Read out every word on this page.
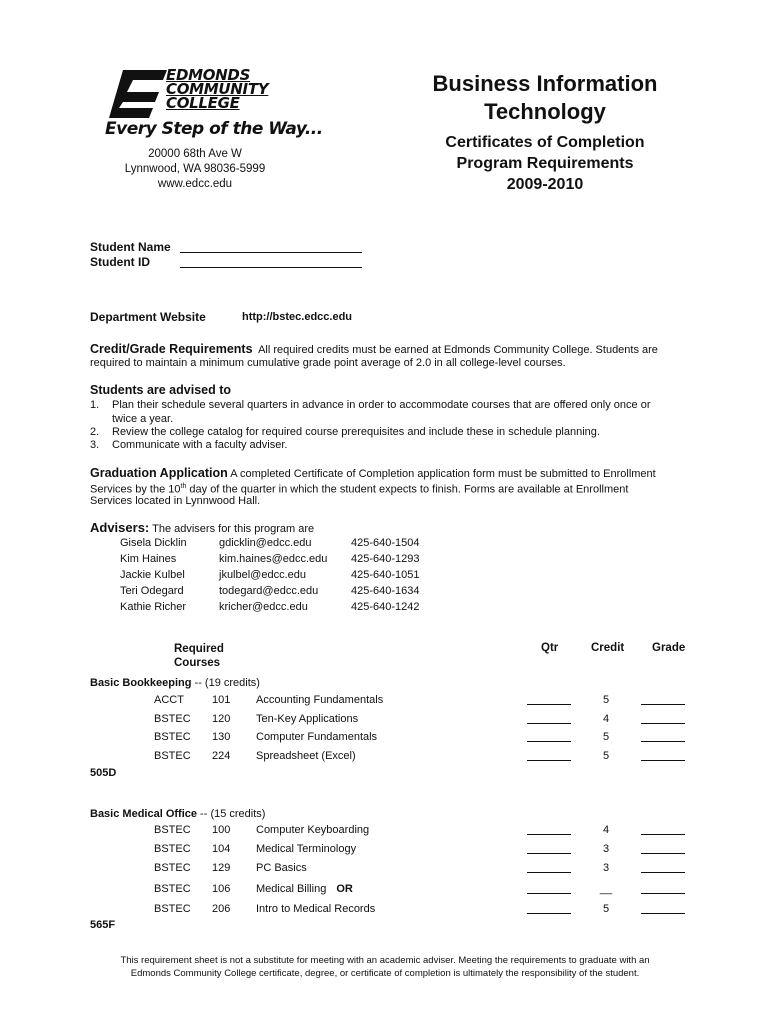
EDMONDS
COMMUNITY
COLLEGE
Every Step of the Way...
20000 68th Ave W
Lynnwood, WA 98036-5999
www.edcc.edu
Business Information
Technology
Certificates of Completion
Program Requirements
2009-2010
Student Name
Student ID
Department Website	http://bstec.edcc.edu
Credit/Grade Requirements All required credits must be earned at Edmonds Community College. Students are
required to maintain a minimum cumulative grade point average of 2.0 in all college-level courses.
Students are advised to
1. Plan their schedule several quarters in advance in order to accommodate courses that are offered only once or
twice a year.
2. Review the college catalog for required course prerequisites and include these in schedule planning.
3. Communicate with a faculty adviser.
Graduation Application A completed Certificate of Completion application form must be submitted to Enrollment
Services by the 10th day of the quarter in which the student expects to finish. Forms are available at Enrollment
Services located in Lynnwood Hall.
Advisers: The advisers for this program are
Gisela Dicklin	gdicklin@edcc.edu	425-640-1504
Kim Haines	kim.haines@edcc.edu 425-640-1293
Jackie Kulbel	jkulbel@edcc.edu	425-640-1051
Teri Odegard	todegard@edcc.edu	425-640-1634
Kathie Richer	kricher@edcc.edu	425-640-1242
Required
Courses
Qtr	Credit Grade
Basic Bookkeeping -- (19 credits)
ACCT	101 Accounting Fundamentals	5
BSTEC 120 Ten-Key Applications	4
BSTEC 130 Computer Fundamentals	5
BSTEC 224 Spreadsheet (Excel)	5
505D
Basic Medical Office -- (15 credits)
BSTEC 100 Computer Keyboarding	4
BSTEC 104 Medical Terminology	3
BSTEC 129 PC Basics	3
BSTEC 106 Medical Billing OR	__
BSTEC 206 Intro to Medical Records	5
565F
This requirement sheet is not a substitute for meeting with an academic adviser. Meeting the requirements to graduate with an
Edmonds Community College certificate, degree, or certificate of completion is ultimately the responsibility of the student.
